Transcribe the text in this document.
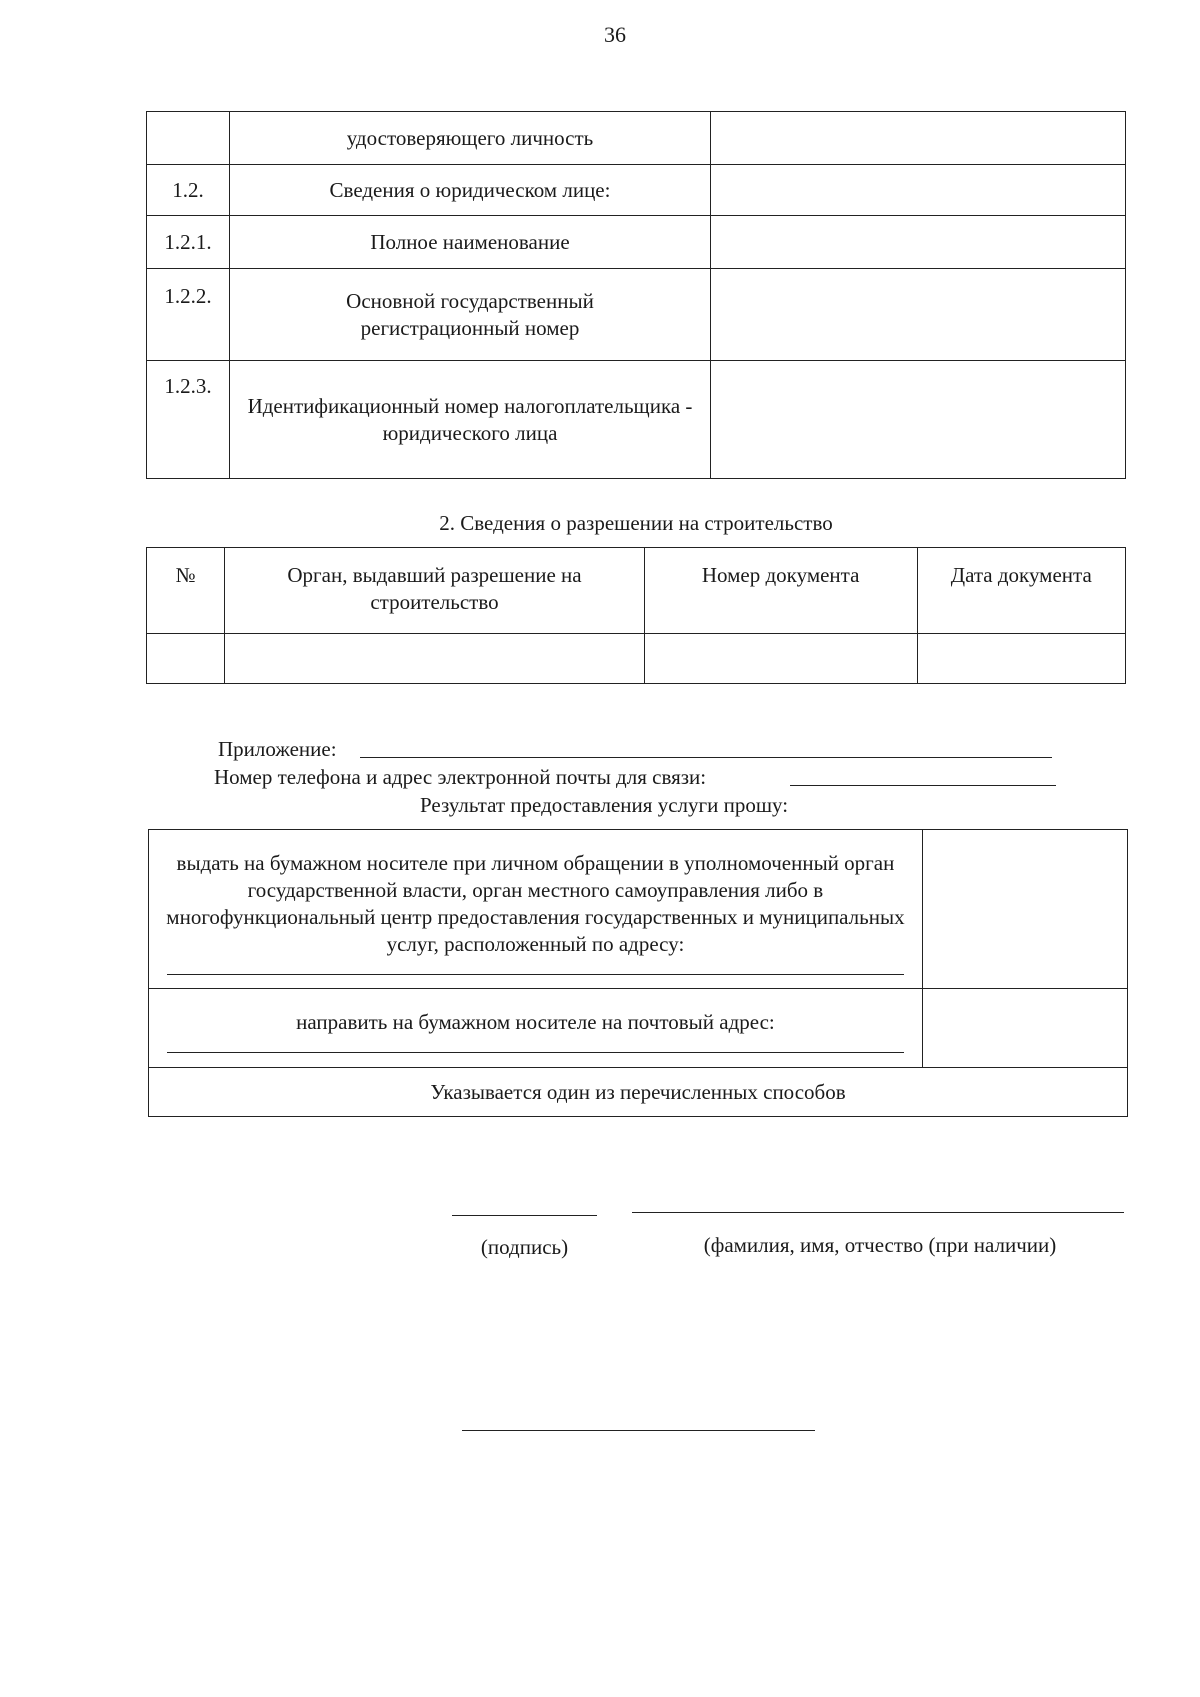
36
	удостоверяющего личность	
1.2.	Сведения о юридическом лице:	
1.2.1.	Полное наименование	
1.2.2.	Основной государственный регистрационный номер	
1.2.3.	Идентификационный номер налогоплательщика - юридического лица	
2. Сведения о разрешении на строительство
№	Орган, выдавший разрешение на строительство	Номер документа	Дата документа

Приложение:
Номер телефона и адрес электронной почты для связи:
Результат предоставления услуги прошу:
выдать на бумажном носителе при личном обращении в уполномоченный орган государственной власти, орган местного самоуправления либо в многофункциональный центр предоставления государственных и муниципальных услуг, расположенный по адресу:	

направить на бумажном носителе на почтовый адрес:	

Указывается один из перечисленных способов	
(подпись)	(фамилия, имя, отчество (при наличии)
